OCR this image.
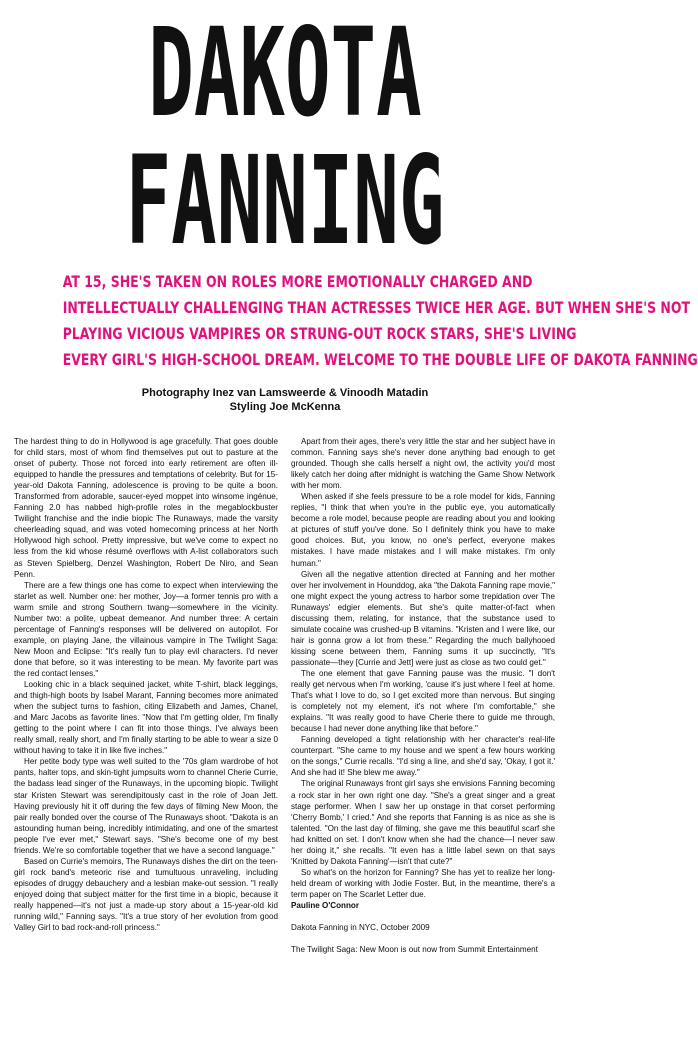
DAKOTA
FANNING
AT 15, SHE'S TAKEN ON ROLES MORE EMOTIONALLY CHARGED AND
INTELLECTUALLY CHALLENGING THAN ACTRESSES TWICE HER AGE. BUT WHEN SHE'S NOT
PLAYING VICIOUS VAMPIRES OR STRUNG-OUT ROCK STARS, SHE'S LIVING
EVERY GIRL'S HIGH-SCHOOL DREAM. WELCOME TO THE DOUBLE LIFE OF DAKOTA FANNING
Photography Inez van Lamsweerde & Vinoodh Matadin
Styling Joe McKenna

The hardest thing to do in Hollywood is age gracefully. That goes double for child stars, most of whom find themselves put out to pasture at the onset of puberty. Those not forced into early retirement are often ill-equipped to handle the pressures and temptations of celebrity. But for 15-year-old Dakota Fanning, adolescence is proving to be quite a boon. Transformed from adorable, saucer-eyed moppet into winsome ingénue, Fanning 2.0 has nabbed high-profile roles in the megablockbuster Twilight franchise and the indie biopic The Runaways, made the varsity cheerleading squad, and was voted homecoming princess at her North Hollywood high school. Pretty impressive, but we've come to expect no less from the kid whose résumé overflows with A-list collaborators such as Steven Spielberg, Denzel Washington, Robert De Niro, and Sean Penn.

There are a few things one has come to expect when interviewing the starlet as well. Number one: her mother, Joy—a former tennis pro with a warm smile and strong Southern twang—somewhere in the vicinity. Number two: a polite, upbeat demeanor. And number three: A certain percentage of Fanning's responses will be delivered on autopilot. For example, on playing Jane, the villainous vampire in The Twilight Saga: New Moon and Eclipse: "It's really fun to play evil characters. I'd never done that before, so it was interesting to be mean. My favorite part was the red contact lenses."

Looking chic in a black sequined jacket, white T-shirt, black leggings, and thigh-high boots by Isabel Marant, Fanning becomes more animated when the subject turns to fashion, citing Elizabeth and James, Chanel, and Marc Jacobs as favorite lines. "Now that I'm getting older, I'm finally getting to the point where I can fit into those things. I've always been really small, really short, and I'm finally starting to be able to wear a size 0 without having to take it in like five inches."

Her petite body type was well suited to the '70s glam wardrobe of hot pants, halter tops, and skin-tight jumpsuits worn to channel Cherie Currie, the badass lead singer of the Runaways, in the upcoming biopic. Twilight star Kristen Stewart was serendipitously cast in the role of Joan Jett. Having previously hit it off during the few days of filming New Moon, the pair really bonded over the course of The Runaways shoot. "Dakota is an astounding human being, incredibly intimidating, and one of the smartest people I've ever met," Stewart says. "She's become one of my best friends. We're so comfortable together that we have a second language."

Based on Currie's memoirs, The Runaways dishes the dirt on the teen-girl rock band's meteoric rise and tumultuous unraveling, including episodes of druggy debauchery and a lesbian make-out session. "I really enjoyed doing that subject matter for the first time in a biopic, because it really happened—it's not just a made-up story about a 15-year-old kid running wild," Fanning says. "It's a true story of her evolution from good Valley Girl to bad rock-and-roll princess."

Apart from their ages, there's very little the star and her subject have in common. Fanning says she's never done anything bad enough to get grounded. Though she calls herself a night owl, the activity you'd most likely catch her doing after midnight is watching the Game Show Network with her mom.

When asked if she feels pressure to be a role model for kids, Fanning replies, "I think that when you're in the public eye, you automatically become a role model, because people are reading about you and looking at pictures of stuff you've done. So I definitely think you have to make good choices. But, you know, no one's perfect, everyone makes mistakes. I have made mistakes and I will make mistakes. I'm only human."

Given all the negative attention directed at Fanning and her mother over her involvement in Hounddog, aka "the Dakota Fanning rape movie," one might expect the young actress to harbor some trepidation over The Runaways' edgier elements. But she's quite matter-of-fact when discussing them, relating, for instance, that the substance used to simulate cocaine was crushed-up B vitamins. "Kristen and I were like, our hair is gonna grow a lot from these." Regarding the much ballyhooed kissing scene between them, Fanning sums it up succinctly, "It's passionate—they [Currie and Jett] were just as close as two could get."

The one element that gave Fanning pause was the music. "I don't really get nervous when I'm working, 'cause it's just where I feel at home. That's what I love to do, so I get excited more than nervous. But singing is completely not my element, it's not where I'm comfortable," she explains. "It was really good to have Cherie there to guide me through, because I had never done anything like that before."

Fanning developed a tight relationship with her character's real-life counterpart. "She came to my house and we spent a few hours working on the songs," Currie recalls. "I'd sing a line, and she'd say, 'Okay, I got it.' And she had it! She blew me away."

The original Runaways front girl says she envisions Fanning becoming a rock star in her own right one day. "She's a great singer and a great stage performer. When I saw her up onstage in that corset performing 'Cherry Bomb,' I cried." And she reports that Fanning is as nice as she is talented. "On the last day of filming, she gave me this beautiful scarf she had knitted on set. I don't know when she had the chance—I never saw her doing it," she recalls. "It even has a little label sewn on that says 'Knitted by Dakota Fanning'—isn't that cute?"

So what's on the horizon for Fanning? She has yet to realize her long-held dream of working with Jodie Foster. But, in the meantime, there's a term paper on The Scarlet Letter due.

Pauline O'Connor

Dakota Fanning in NYC, October 2009

The Twilight Saga: New Moon is out now from Summit Entertainment
